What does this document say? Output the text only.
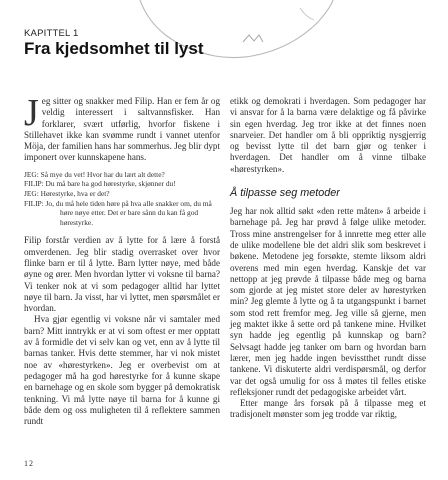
KAPITTEL 1
Fra kjedsomhet til lyst

Jeg sitter og snakker med Filip. Han er fem år og veldig interessert i saltvannsfisker. Han forklarer, svært utførlig, hvorfor fiskene i Stillehavet ikke kan svømme rundt i vannet utenfor Möja, der familien hans har sommerhus. Jeg blir dypt imponert over kunnskapene hans.

JEG: Så mye du vet! Hvor har du lært alt dette?
FILIP: Du må bare ha god hørestyrke, skjønner du!
JEG: Hørestyrke, hva er det?
FILIP: Jo, du må hele tiden høre på hva alle snakker om, du må høre nøye etter. Det er bare sånn du kan få god hørestyrke.

Filip forstår verdien av å lytte for å lære å forstå omverdenen. Jeg blir stadig overrasket over hvor flinke barn er til å lytte. Barn lytter nøye, med både øyne og ører. Men hvordan lytter vi voksne til barna? Vi tenker nok at vi som pedagoger alltid har lyttet nøye til barn. Ja visst, har vi lyttet, men spørsmålet er hvordan.

Hva gjør egentlig vi voksne når vi samtaler med barn? Mitt inntrykk er at vi som oftest er mer opptatt av å formidle det vi selv kan og vet, enn av å lytte til barnas tanker. Hvis dette stemmer, har vi nok mistet noe av «hørestyrken». Jeg er overbevist om at pedagoger må ha god hørestyrke for å kunne skape en barnehage og en skole som bygger på demokratisk tenkning. Vi må lytte nøye til barna for å kunne gi både dem og oss muligheten til å reflektere sammen rundt

etikk og demokrati i hverdagen. Som pedagoger har vi ansvar for å la barna være delaktige og få påvirke sin egen hverdag. Jeg tror ikke at det finnes noen snarveier. Det handler om å bli oppriktig nysgjerrig og bevisst lytte til det barn gjør og tenker i hverdagen. Det handler om å vinne tilbake «hørestyrken».

Å tilpasse seg metoder

Jeg har nok alltid søkt «den rette måten» å arbeide i barnehage på. Jeg har prøvd å følge ulike metoder. Tross mine anstrengelser for å innrette meg etter alle de ulike modellene ble det aldri slik som beskrevet i bøkene. Metodene jeg forsøkte, stemte liksom aldri overens med min egen hverdag. Kanskje det var nettopp at jeg prøvde å tilpasse både meg og barna som gjorde at jeg mistet store deler av hørestyrken min? Jeg glemte å lytte og å ta utgangspunkt i barnet som stod rett fremfor meg. Jeg ville så gjerne, men jeg maktet ikke å sette ord på tankene mine. Hvilket syn hadde jeg egentlig på kunnskap og barn? Selvsagt hadde jeg tanker om barn og hvordan barn lærer, men jeg hadde ingen bevisstthet rundt disse tankene. Vi diskuterte aldri verdispørsmål, og derfor var det også umulig for oss å møtes til felles etiske refleksjoner rundt det pedagogiske arbeidet vårt.

Etter mange års forsøk på å tilpasse meg et tradisjonelt mønster som jeg trodde var riktig,

12
